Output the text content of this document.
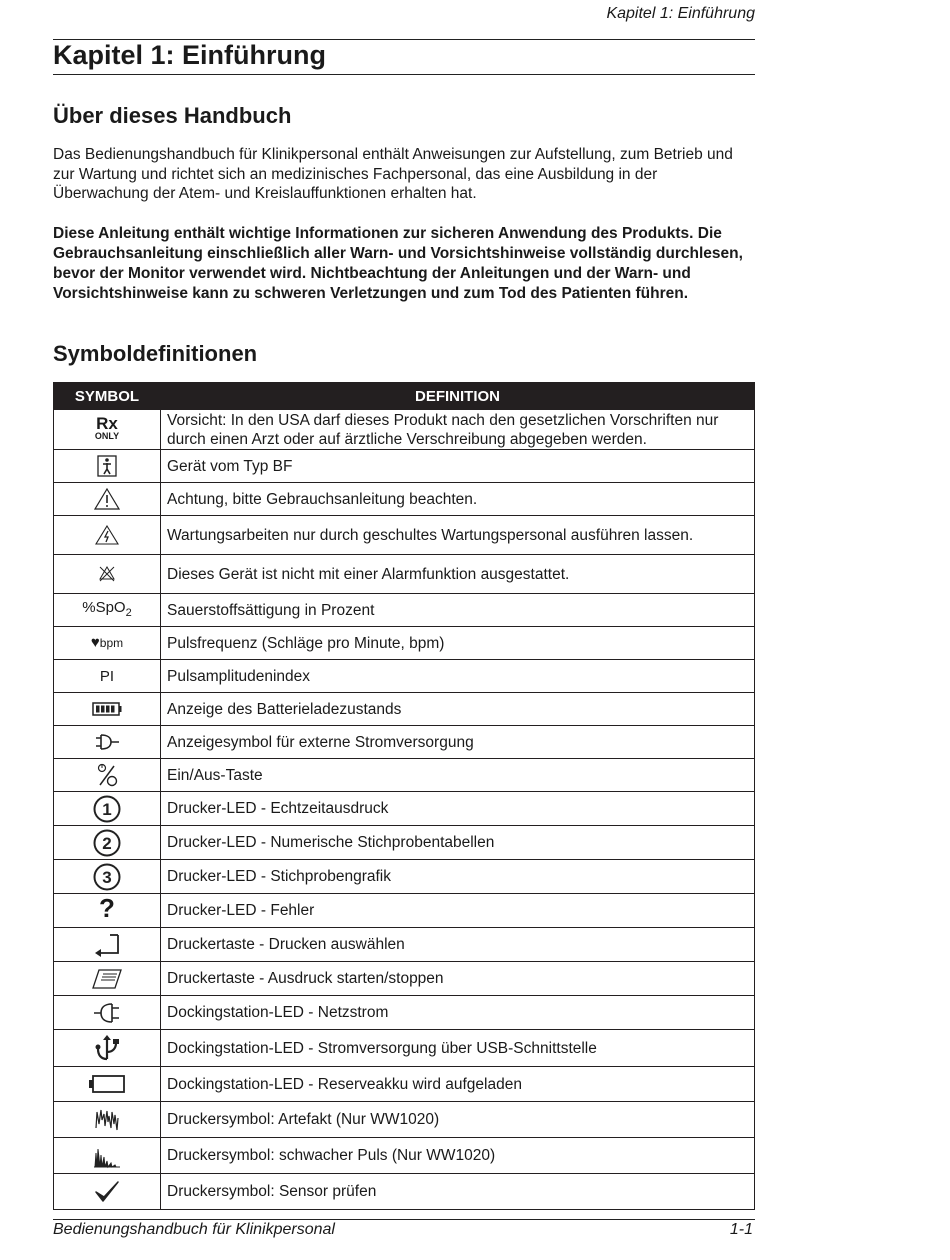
Kapitel 1: Einführung
Kapitel 1: Einführung
Über dieses Handbuch
Das Bedienungshandbuch für Klinikpersonal enthält Anweisungen zur Aufstellung, zum Betrieb und zur Wartung und richtet sich an medizinisches Fachpersonal, das eine Ausbildung in der Überwachung der Atem- und Kreislauffunktionen erhalten hat.
Diese Anleitung enthält wichtige Informationen zur sicheren Anwendung des Produkts. Die Gebrauchsanleitung einschließlich aller Warn- und Vorsichtshinweise vollständig durchlesen, bevor der Monitor verwendet wird. Nichtbeachtung der Anleitungen und der Warn- und Vorsichtshinweise kann zu schweren Verletzungen und zum Tod des Patienten führen.
Symboldefinitionen
SYMBOL	DEFINITION

Rx
ONLY	Vorsicht: In den USA darf dieses Produkt nach den gesetzlichen Vorschriften nur durch einen Arzt oder auf ärztliche Verschreibung abgegeben werden.

	Gerät vom Typ BF

	Achtung, bitte Gebrauchsanleitung beachten.

	Wartungsarbeiten nur durch geschultes Wartungspersonal ausführen lassen.

	Dieses Gerät ist nicht mit einer Alarmfunktion ausgestattet.
%SpO$_2$	Sauerstoffsättigung in Prozent
♥bpm	Pulsfrequenz (Schläge pro Minute, bpm)
PI	Pulsamplitudenindex

	Anzeige des Batterieladezustands

	Anzeigesymbol für externe Stromversorgung

	Ein/Aus-Taste

1	Drucker-LED - Echtzeitausdruck

2	Drucker-LED - Numerische Stichprobentabellen

3	Drucker-LED - Stichprobengrafik
?	Drucker-LED - Fehler

	Druckertaste - Drucken auswählen

	Druckertaste - Ausdruck starten/stoppen

	Dockingstation-LED - Netzstrom

	Dockingstation-LED - Stromversorgung über USB-Schnittstelle

	Dockingstation-LED - Reserveakku wird aufgeladen

	Druckersymbol: Artefakt (Nur WW1020)

	Druckersymbol: schwacher Puls (Nur WW1020)

	Druckersymbol: Sensor prüfen
Bedienungshandbuch für Klinikpersonal	1-1
